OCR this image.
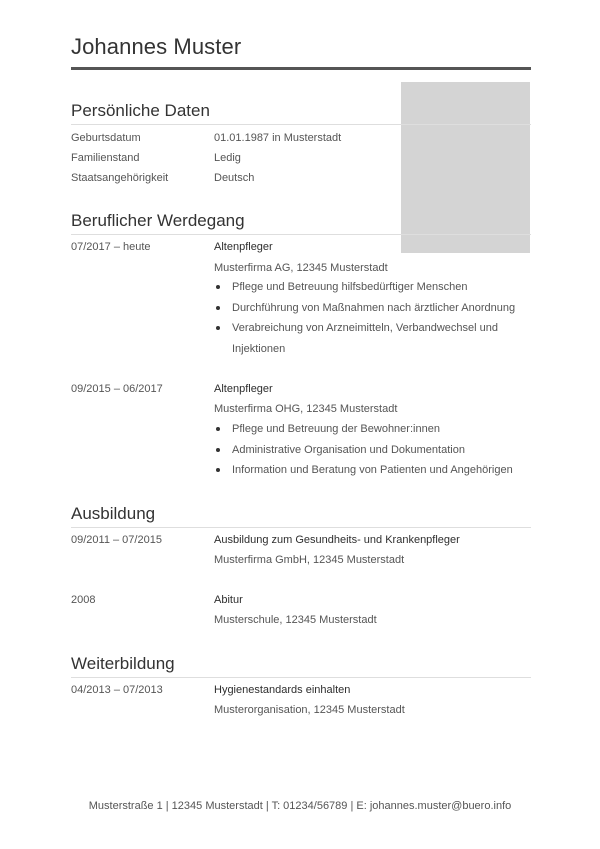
Johannes Muster
Persönliche Daten

Geburtsdatum	01.01.1987 in Musterstadt

Familienstand	Ledig

Staatsangehörigkeit	Deutsch

Beruflicher Werdegang

07/2017 – heute	Altenpfleger

Musterfirma AG, 12345 Musterstadt

Pflege und Betreuung hilfsbedürftiger Menschen

Durchführung von Maßnahmen nach ärztlicher Anordnung

Verabreichung von Arzneimitteln, Verbandwechsel und

Injektionen

09/2015 – 06/2017	Altenpfleger

Musterfirma OHG, 12345 Musterstadt

Pflege und Betreuung der Bewohner:innen

Administrative Organisation und Dokumentation

Information und Beratung von Patienten und Angehörigen

Ausbildung

09/2011 – 07/2015	Ausbildung zum Gesundheits- und Krankenpfleger

Musterfirma GmbH, 12345 Musterstadt

2008	Abitur

Musterschule, 12345 Musterstadt

Weiterbildung

04/2013 – 07/2013	Hygienestandards einhalten

Musterorganisation, 12345 Musterstadt

Musterstraße 1 | 12345 Musterstadt | T: 01234/56789 | E: johannes.muster@buero.info
